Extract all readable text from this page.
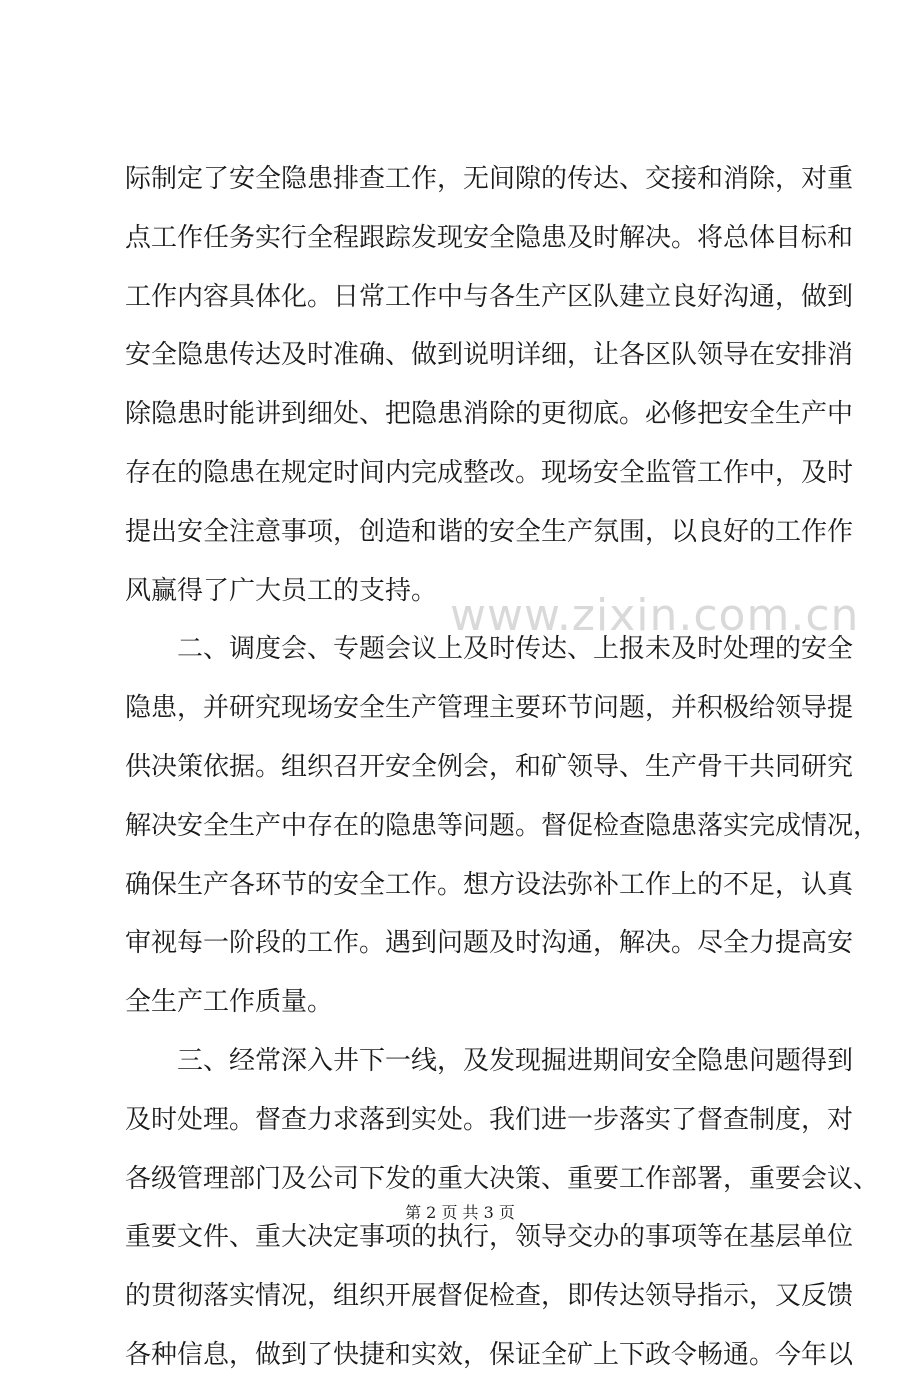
际制定了安全隐患排查工作，无间隙的传达、交接和消除，对重
点工作任务实行全程跟踪发现安全隐患及时解决。将总体目标和
工作内容具体化。日常工作中与各生产区队建立良好沟通，做到
安全隐患传达及时准确、做到说明详细，让各区队领导在安排消
除隐患时能讲到细处、把隐患消除的更彻底。必修把安全生产中
存在的隐患在规定时间内完成整改。现场安全监管工作中，及时
提出安全注意事项，创造和谐的安全生产氛围，以良好的工作作
风赢得了广大员工的支持。
二、调度会、专题会议上及时传达、上报未及时处理的安全
隐患，并研究现场安全生产管理主要环节问题，并积极给领导提
供决策依据。组织召开安全例会，和矿领导、生产骨干共同研究
解决安全生产中存在的隐患等问题。督促检查隐患落实完成情况，
确保生产各环节的安全工作。想方设法弥补工作上的不足，认真
审视每一阶段的工作。遇到问题及时沟通，解决。尽全力提高安
全生产工作质量。
三、经常深入井下一线，及发现掘进期间安全隐患问题得到
及时处理。督查力求落到实处。我们进一步落实了督查制度，对
各级管理部门及公司下发的重大决策、重要工作部署，重要会议、
重要文件、重大决定事项的执行，领导交办的事项等在基层单位
的贯彻落实情况，组织开展督促检查，即传达领导指示，又反馈
各种信息，做到了快捷和实效，保证全矿上下政令畅通。今年以
www.zixin.com.cn
第 2 页 共 3 页
